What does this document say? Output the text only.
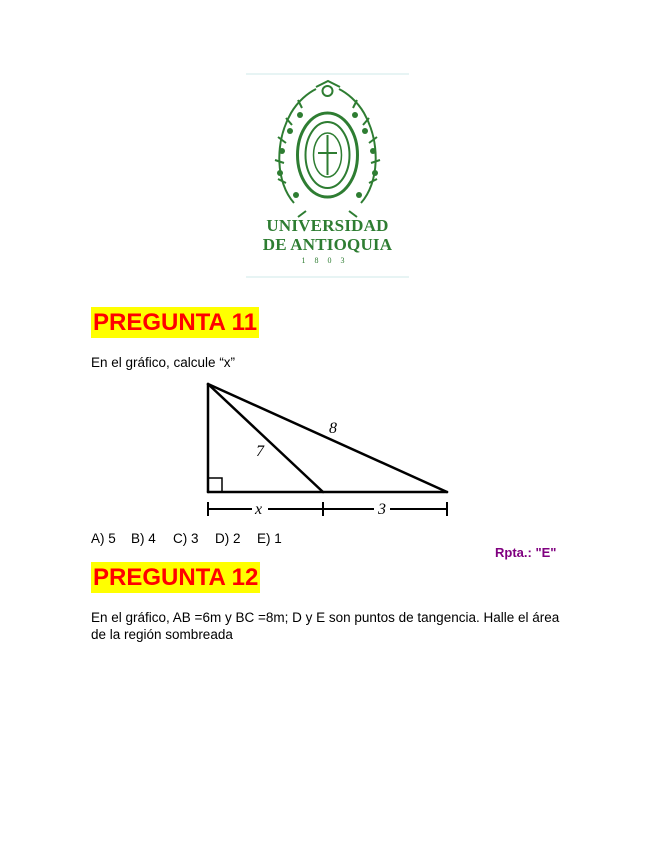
UNIVERSIDAD
DE ANTIOQUIA
1803
PREGUNTA 11
En el gráfico, calcule “x”
8
7
x	3
A) 5 B) 4 C) 3 D) 2 E) 1
Rpta.: "E"
PREGUNTA 12
En el gráfico, AB =6m y BC =8m; D y E son puntos de tangencia. Halle el área
de la región sombreada
